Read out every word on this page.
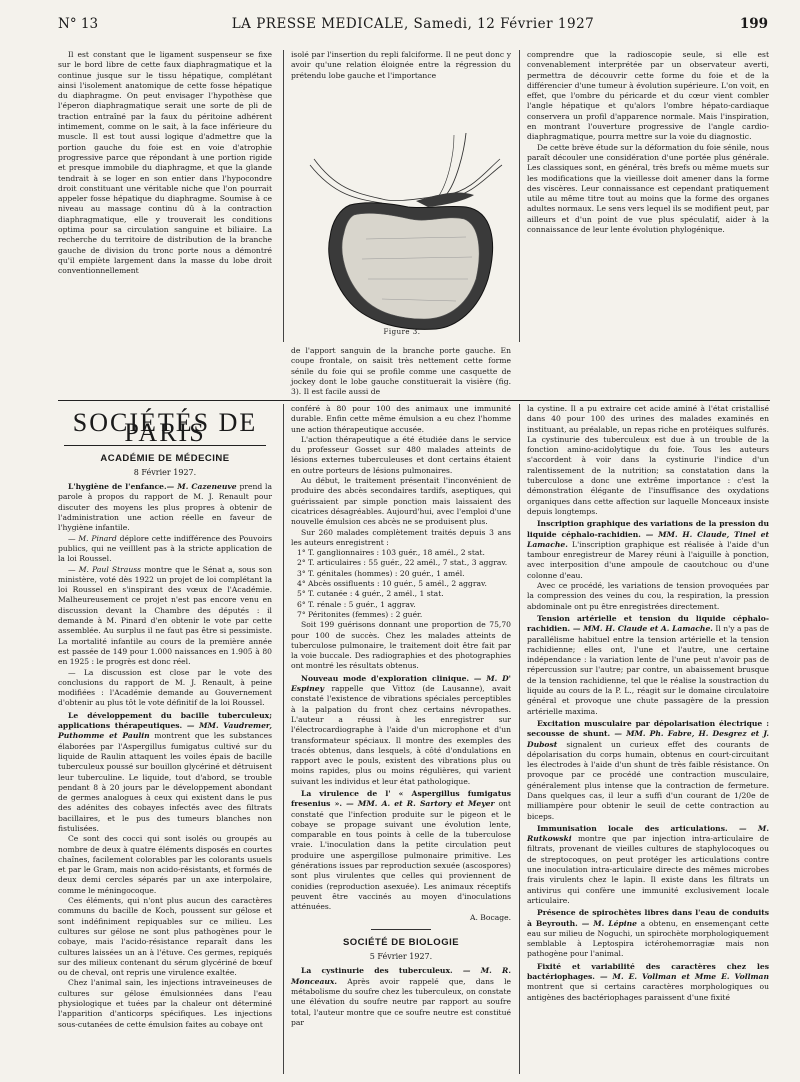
N° 13	LA PRESSE MEDICALE, Samedi, 12 Février 1927	199

Il est constant que le ligament suspenseur se fixe sur le bord libre de cette faux diaphragmatique et la continue jusque sur le tissu hépatique, complétant ainsi l'isolement anatomique de cette fosse hépatique du diaphragme. On peut envisager l'hypothèse que l'éperon diaphragmatique serait une sorte de pli de traction entraîné par la faux du péritoine adhérent intimement, comme on le sait, à la face inférieure du muscle. Il est tout aussi logique d'admettre que la portion gauche du foie est en voie d'atrophie progressive parce que répondant à une portion rigide et presque immobile du diaphragme, et que la glande tendrait à se loger en son entier dans l'hypocondre droit constituant une véritable niche que l'on pourrait appeler fosse hépatique du diaphragme. Soumise à ce niveau au massage continu dû à la contraction diaphragmatique, elle y trouverait les conditions optima pour sa circulation sanguine et biliaire. La recherche du territoire de distribution de la branche gauche de division du tronc porte nous a démontré qu'il empiète largement dans la masse du lobe droit conventionnellement

isolé par l'insertion du repli falciforme. Il ne peut donc y avoir qu'une relation éloignée entre la régression du prétendu lobe gauche et l'importance

Figure 3.

de l'apport sanguin de la branche porte gauche. En coupe frontale, on saisit très nettement cette forme sénile du foie qui se profile comme une casquette de jockey dont le lobe gauche constituerait la visière (fig. 3). Il est facile aussi de

comprendre que la radioscopie seule, si elle est convenablement interprétée par un observateur averti, permettra de découvrir cette forme du foie et de la différencier d'une tumeur à évolution supérieure. L'on voit, en effet, que l'ombre du péricarde et du cœur vient combler l'angle hépatique et qu'alors l'ombre hépato-cardiaque conservera un profil d'apparence normale. Mais l'inspiration, en montrant l'ouverture progressive de l'angle cardio-diaphragmatique, pourra mettre sur la voie du diagnostic.

De cette brève étude sur la déformation du foie sénile, nous paraît découler une considération d'une portée plus générale. Les classiques sont, en général, très brefs ou même muets sur les modifications que la vieillesse doit amener dans la forme des viscères. Leur connaissance est cependant pratiquement utile au même titre tout au moins que la forme des organes adultes normaux. Le sens vers lequel ils se modifient peut, par ailleurs et d'un point de vue plus spéculatif, aider à la connaissance de leur lente évolution phylogénique.

SOCIÉTÉS DE PARIS
ACADÉMIE DE MÉDECINE
8 Février 1927.

L'hygiène de l'enfance.— M. Cazeneuve prend la parole à propos du rapport de M. J. Renault pour discuter des moyens les plus propres à obtenir de l'administration une action réelle en faveur de l'hygiène infantile.

— M. Pinard déplore cette indifférence des Pouvoirs publics, qui ne veilllent pas à la stricte application de la loi Roussel.

— M. Paul Strauss montre que le Sénat a, sous son ministère, voté dès 1922 un projet de loi complétant la loi Roussel en s'inspirant des vœux de l'Académie. Malheureusement ce projet n'est pas encore venu en discussion devant la Chambre des députés : il demande à M. Pinard d'en obtenir le vote par cette assemblée. Au surplus il ne faut pas être si pessimiste. La mortalité infantile au cours de la première année est passée de 149 pour 1.000 naissances en 1.905 à 80 en 1925 : le progrès est donc réel.

— La discussion est close par le vote des conclusions du rapport de M. J. Renault, à peine modifiées : l'Académie demande au Gouvernement d'obtenir au plus tôt le vote définitif de la loi Roussel.

Le développement du bacille tuberculeux; applications thérapeutiques. — MM. Vaudremer, Puthomme et Paulin montrent que les substances élaborées par l'Aspergillus fumigatus cultivé sur du liquide de Raulin attaquent les voiles épais de bacille tuberculeux poussé sur bouillon glycériné et détruisent leur tuberculine. Le liquide, tout d'abord, se trouble pendant 8 à 20 jours par le développement abondant de germes analogues à ceux qui existent dans le pus des adénites des cobayes infectés avec des filtrats bacillaires, et le pus des tumeurs blanches non fistulisées.

Ce sont des cocci qui sont isolés ou groupés au nombre de deux à quatre éléments disposés en courtes chaînes, facilement colorables par les colorants usuels et par le Gram, mais non acido-résistants, et formés de deux demi cercles séparés par un axe interpolaire, comme le méningocoque.

Ces éléments, qui n'ont plus aucun des caractères communs du bacille de Koch, poussent sur gélose et sont indéfiniment repiquables sur ce milieu. Les cultures sur gélose ne sont plus pathogènes pour le cobaye, mais l'acido-résistance reparaît dans les cultures laissées un an à l'étuve. Ces germes, repiqués sur des milieux contenant du sérum glycériné de bœuf ou de cheval, ont repris une virulence exaltée.

Chez l'animal sain, les injections intraveineuses de cultures sur gélose émulsionnées dans l'eau physiologique et tuées par la chaleur ont déterminé l'apparition d'anticorps spécifiques. Les injections sous-cutanées de cette émulsion faites au cobaye ont

conféré à 80 pour 100 des animaux une immunité durable. Enfin cette même émulsion a eu chez l'homme une action thérapeutique accusée.

L'action thérapeutique a été étudiée dans le service du professeur Gosset sur 480 malades atteints de lésions externes tuberculeuses et dont certains étaient en outre porteurs de lésions pulmonaires.

Au début, le traitement présentait l'inconvénient de produire des abcès secondaires tardifs, aseptiques, qui guérissaient par simple ponction mais laissaient des cicatrices désagréables. Aujourd'hui, avec l'emploi d'une nouvelle émulsion ces abcès ne se produisent plus.

Sur 260 malades complètement traités depuis 3 ans les auteurs enregistrent :

1° T. ganglionnaires : 103 guér., 18 amél., 2 stat.

2° T. articulaires : 55 guér., 22 amél., 7 stat., 3 aggrav.

3° T. génitales (hommes) : 20 guér., 1 amél.

4° Abcès ossifluents : 10 guér., 5 amél., 2 aggrav.

5° T. cutanée : 4 guér., 2 amél., 1 stat.

6° T. rénale : 5 guér., 1 aggrav.

7° Péritonites (femmes) : 2 guér.

Soit 199 guérisons donnant une proportion de 75,70 pour 100 de succès. Chez les malades atteints de tuberculose pulmonaire, le traitement doit être fait par la voie buccale. Des radiographies et des photographies ont montré les résultats obtenus.

Nouveau mode d'exploration clinique. — M. D' Espiney rappelle que Vittoz (de Lausanne), avait constaté l'existence de vibrations spéciales perceptibles à la palpation du front chez certains névropathes. L'auteur a réussi à les enregistrer sur l'électrocardiographe à l'aide d'un microphone et d'un transformateur spéciaux. Il montre des exemples des tracés obtenus, dans lesquels, à côté d'ondulations en rapport avec le pouls, existent des vibrations plus ou moins rapides, plus ou moins régulières, qui varient suivant les individus et leur état pathologique.

La virulence de l' « Aspergillus fumigatus fresenius ». — MM. A. et R. Sartory et Meyer ont constaté que l'infection produite sur le pigeon et le cobaye se propage suivant une évolution lente, comparable en tous points à celle de la tuberculose vraie. L'inoculation dans la petite circulation peut produire une aspergillose pulmonaire primitive. Les générations issues par reproduction sexuée (ascospores) sont plus virulentes que celles qui proviennent de conidies (reproduction asexuée). Les animaux réceptifs peuvent être vaccinés au moyen d'inoculations atténuées.

A. Bocage.

SOCIÉTÉ DE BIOLOGIE
5 Février 1927.

La cystinurie des tuberculeux. — M. R. Monceaux. Après avoir rappelé que, dans le métabolisme du soufre chez les tuberculeux, on constate une élévation du soufre neutre par rapport au soufre total, l'auteur montre que ce soufre neutre est constitué par

la cystine. Il a pu extraire cet acide aminé à l'état cristallisé dans 40 pour 100 des urines des malades examinés en instituant, au préalable, un repas riche en protéiques sulfurés. La cystinurie des tuberculeux est due à un trouble de la fonction amino-acidolytique du foie. Tous les auteurs s'accordent à voir dans la cystinurie l'indice d'un ralentissement de la nutrition; sa constatation dans la tuberculose a donc une extrême importance : c'est la démonstration élégante de l'insuffisance des oxydations organiques dans cette affection sur laquelle Monceaux insiste depuis longtemps.

Inscription graphique des variations de la pression du liquide céphalo-rachidien. — MM. H. Claude, Tinel et Lamache. L'inscription graphique est réalisée à l'aide d'un tambour enregistreur de Marey réuni à l'aiguille à ponction, avec interposition d'une ampoule de caoutchouc ou d'une colonne d'eau.

Avec ce procédé, les variations de tension provoquées par la compression des veines du cou, la respiration, la pression abdominale ont pu être enregistrées directement.

Tension artérielle et tension du liquide céphalo-rachidien. — MM. H. Claude et A. Lamache. Il n'y a pas de parallélisme habituel entre la tension artérielle et la tension rachidienne; elles ont, l'une et l'autre, une certaine indépendance : la variation lente de l'une peut n'avoir pas de répercussion sur l'autre; par contre, un abaissement brusque de la tension rachidienne, tel que le réalise la soustraction du liquide au cours de la P. L., réagit sur le domaine circulatoire général et provoque une chute passagère de la pression artérielle maxima.

Excitation musculaire par dépolarisation électrique : secousse de shunt. — MM. Ph. Fabre, H. Desgrez et J. Dubost signalent un curieux effet des courants de dépolarisation du corps humain, obtenus en court-circuitant les électrodes à l'aide d'un shunt de très faible résistance. On provoque par ce procédé une contraction musculaire, généralement plus intense que la contraction de fermeture. Dans quelques cas, il leur a suffi d'un courant de 1/20e de milliampère pour obtenir le seuil de cette contraction au biceps.

Immunisation locale des articulations. — M. Rutkowski montre que par injection intra-articulaire de filtrats, provenant de vieilles cultures de staphylocoques ou de streptocoques, on peut protéger les articulations contre une inoculation intra-articulaire directe des mêmes microbes frais virulents chez le lapin. Il existe dans les filtrats un antivirus qui confère une immunité exclusivement locale articulaire.

Présence de spirochètes libres dans l'eau de conduits à Beyrouth. — M. Lépine a obtenu, en ensemençant cette eau sur milieu de Noguchi, un spirochète morphologiquement semblable à Leptospira ictérohemorragiæ mais non pathogène pour l'animal.

Fixité et variabilité des caractères chez les bactériophages. — M. E. Vollman et Mme E. Vollman montrent que si certains caractères morphologiques ou antigènes des bactériophages paraissent d'une fixité
